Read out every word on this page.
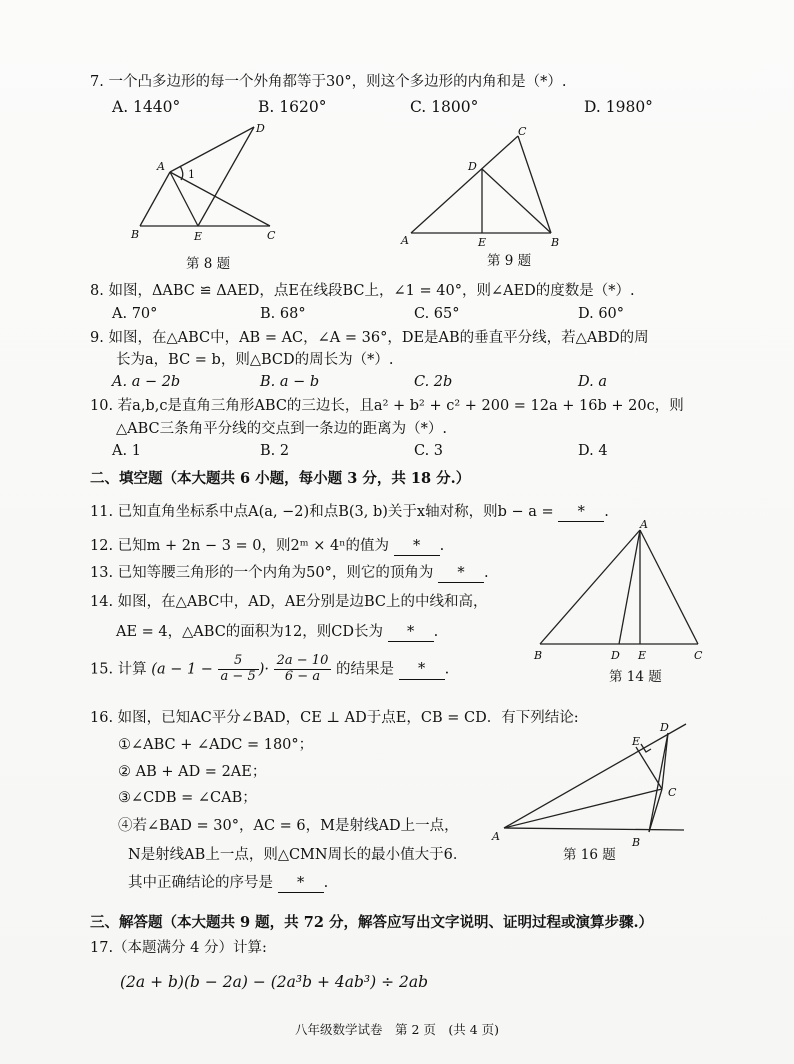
7. 一个凸多边形的每一个外角都等于30°，则这个多边形的内角和是（*）.
A. 1440°	B. 1620°	C. 1800°	D. 1980°
A
B	C
D
E
1
第 8 题
A	B
C
D
E
第 9 题
8. 如图，ΔABC ≌ ΔAED，点E在线段BC上，∠1 = 40°，则∠AED的度数是（*）.
A. 70°	B. 68°	C. 65°	D. 60°
9. 如图，在△ABC中，AB = AC，∠A = 36°，DE是AB的垂直平分线，若△ABD的周
长为a，BC = b，则△BCD的周长为（*）.
A. a − 2b	B. a − b	C. 2b	D. a
10. 若a,b,c是直角三角形ABC的三边长，且a² + b² + c² + 200 = 12a + 16b + 20c，则
△ABC三条角平分线的交点到一条边的距离为（*）.
A. 1	B. 2	C. 3	D. 4
二、填空题（本大题共 6 小题，每小题 3 分，共 18 分.）
11. 已知直角坐标系中点A(a, −2)和点B(3, b)关于x轴对称，则b − a = * .
12. 已知m + 2n − 3 = 0，则2ᵐ × 4ⁿ的值为 * .
13. 已知等腰三角形的一个内角为50°，则它的顶角为 * .
14. 如图，在△ABC中，AD，AE分别是边BC上的中线和高，
AE = 4，△ABC的面积为12，则CD长为 * .
A
B	C
D E
第 14 题
15. 计算 ($a - 1 - \frac{5}{a - 5}$ )· $\frac{2a - 10}{6 - a}$ 的结果是 * .
16. 如图，已知AC平分∠BAD，CE ⊥ AD于点E，CB = CD．有下列结论:
①∠ABC + ∠ADC = 180°；
② AB + AD = 2AE；
③∠CDB = ∠CAB；
④若∠BAD = 30°，AC = 6，M是射线AD上一点，
N是射线AB上一点，则△CMN周长的最小值大于6．
其中正确结论的序号是 * .
A	B
C
D
E
第 16 题
三、解答题（本大题共 9 题，共 72 分，解答应写出文字说明、证明过程或演算步骤.）
17.（本题满分 4 分）计算:
(2a + b)(b − 2a) − (2a³b + 4ab³) ÷ 2ab
八年级数学试卷　第 2 页　(共 4 页)
